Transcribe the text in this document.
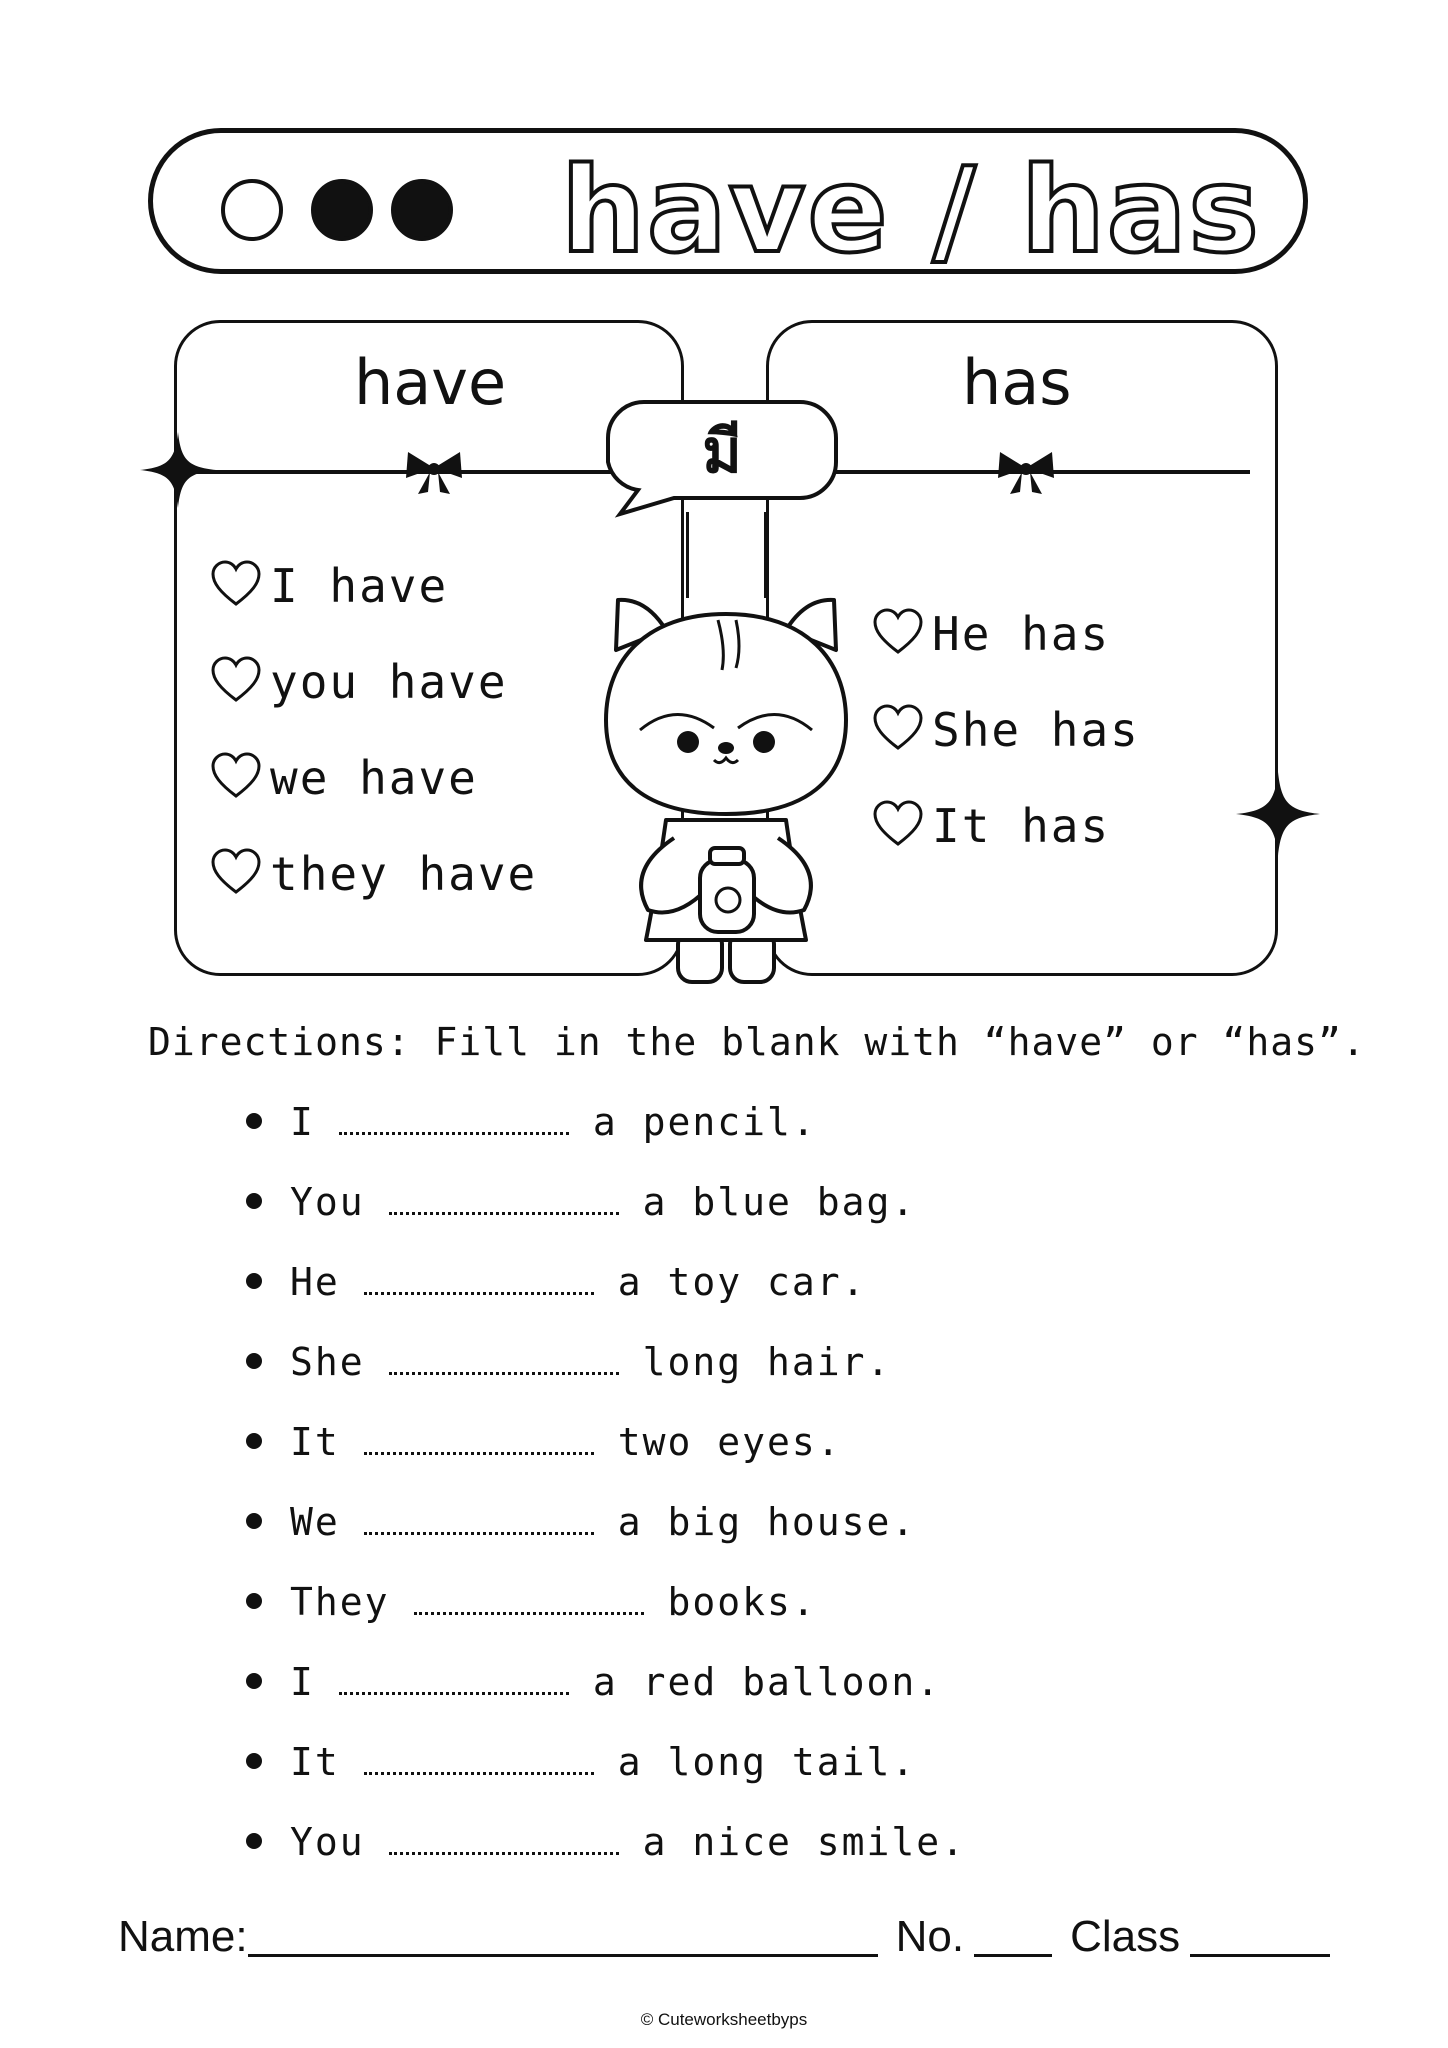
have / has
have	has
มี
I have
you have
we have
they have
He has
She has
It has
Directions: Fill in the blank with “have” or “has”.
I	a pencil.
You	a blue bag.
He	a toy car.
She	long hair.
It	two eyes.
We	a big house.
They	books.
I	a red balloon.
It	a long tail.
You	a nice smile.
Name:	No. Class
© Cuteworksheetbyps
